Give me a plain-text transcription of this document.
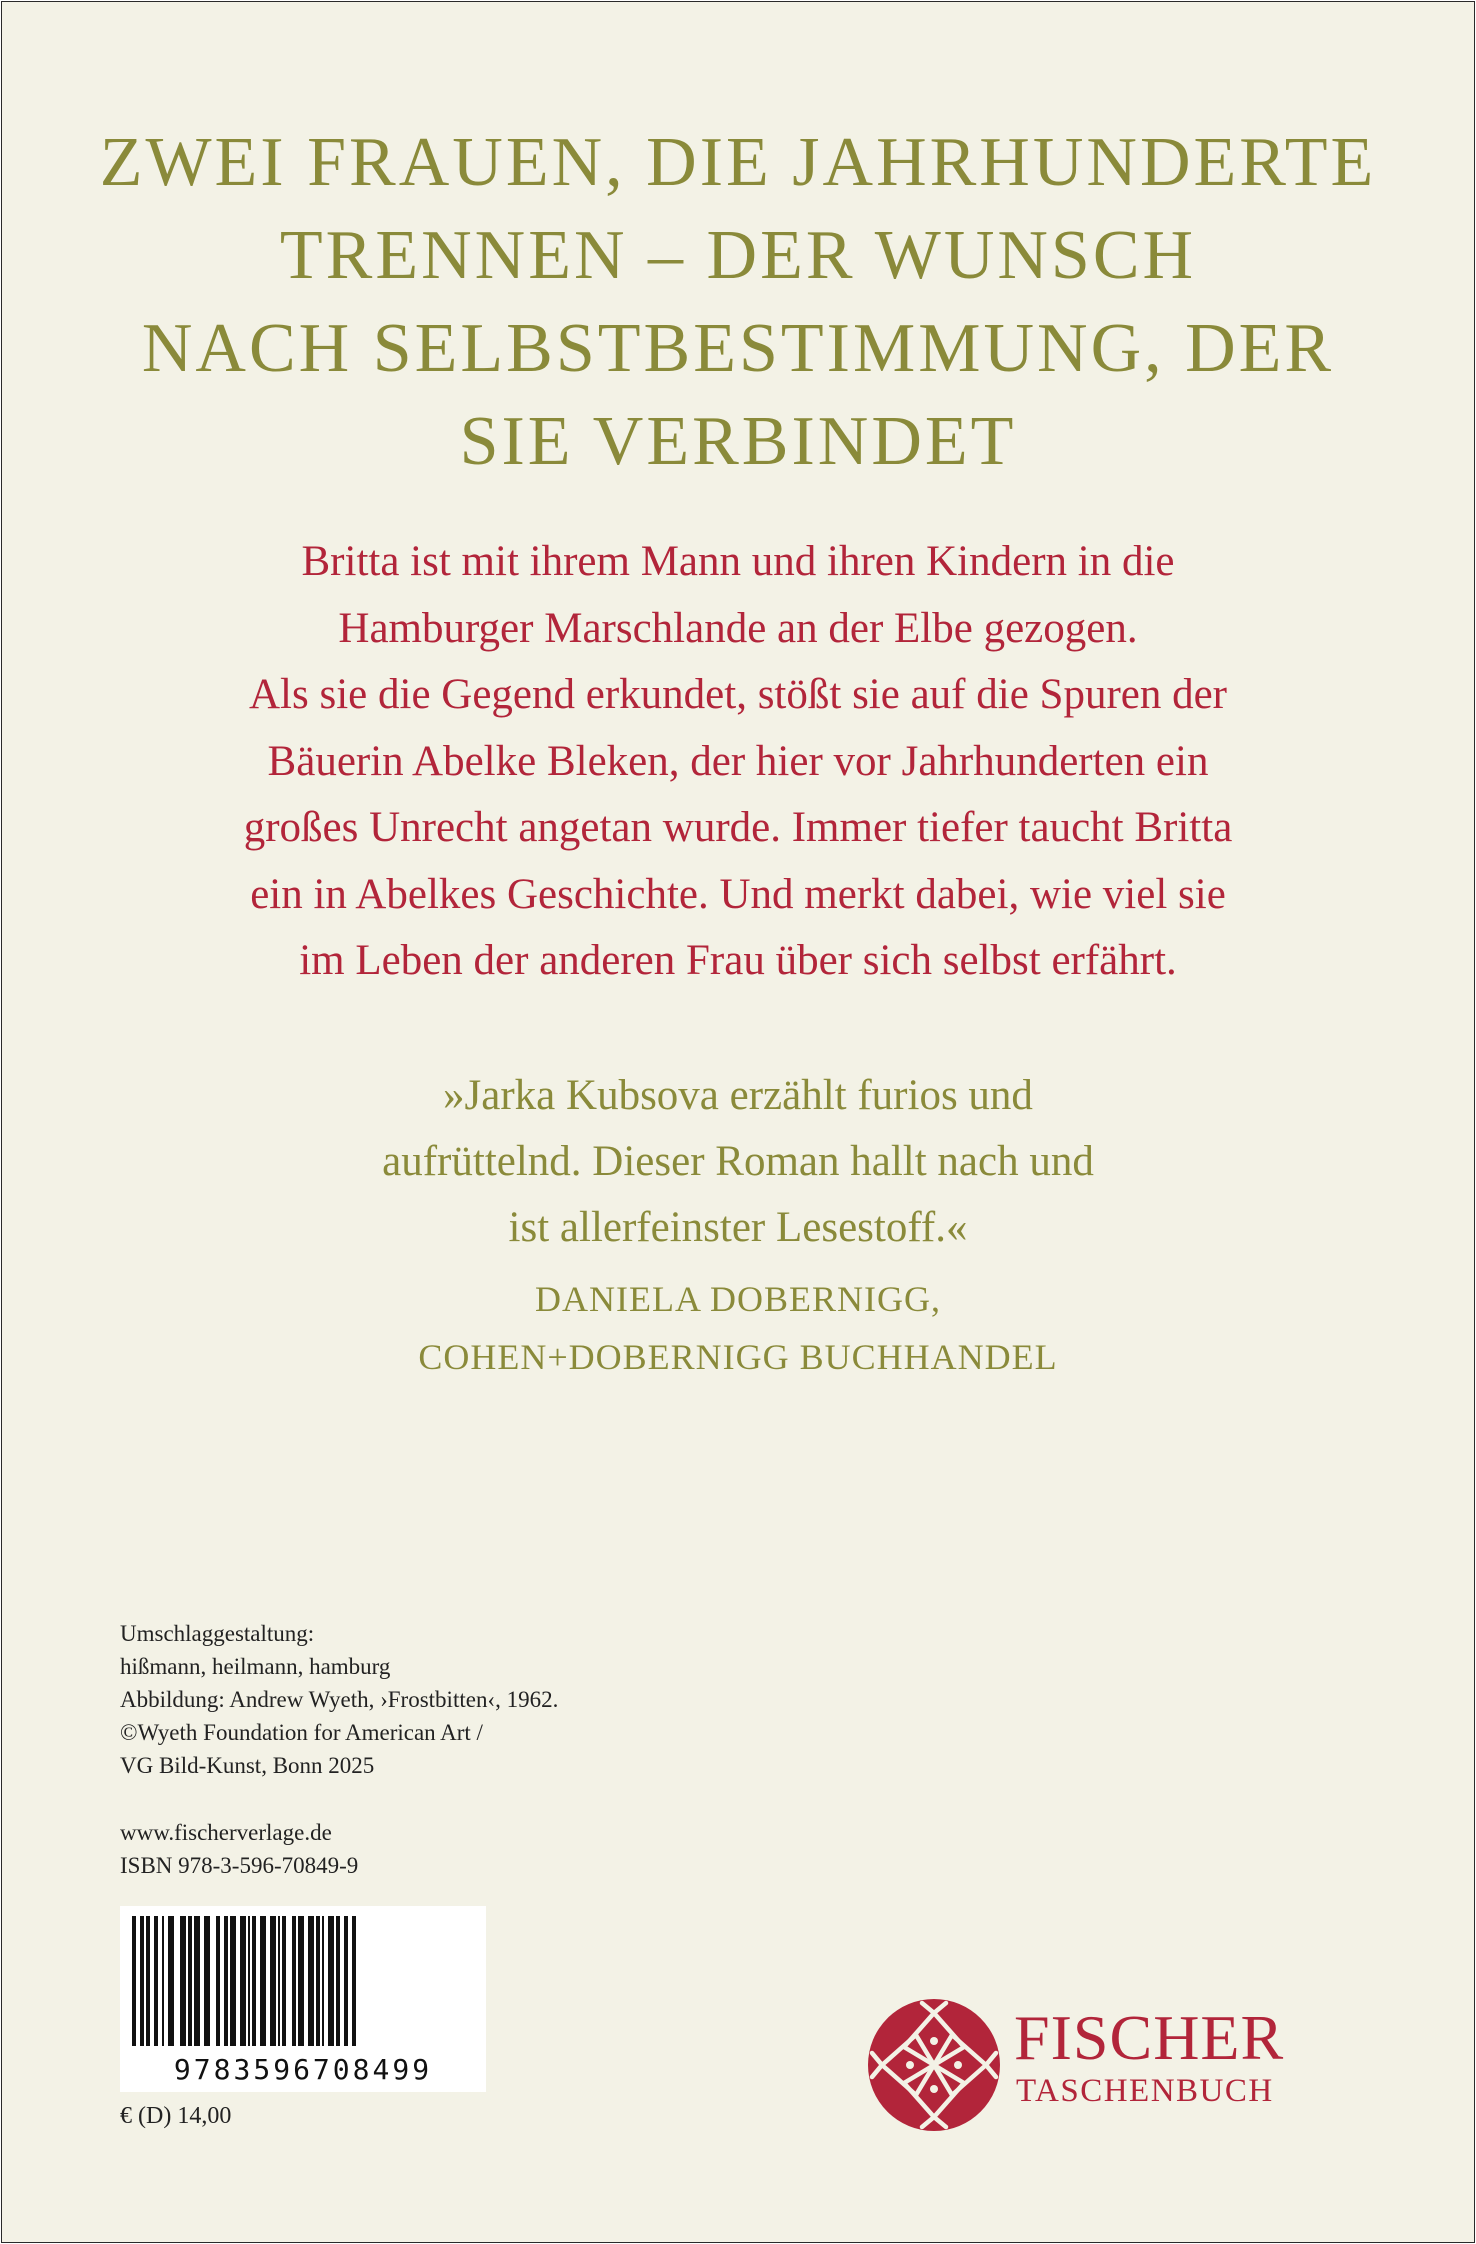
ZWEI FRAUEN, DIE JAHRHUNDERTE
TRENNEN – DER WUNSCH
NACH SELBSTBESTIMMUNG, DER
SIE VERBINDET
Britta ist mit ihrem Mann und ihren Kindern in die
Hamburger Marschlande an der Elbe gezogen.
Als sie die Gegend erkundet, stößt sie auf die Spuren der
Bäuerin Abelke Bleken, der hier vor Jahrhunderten ein
großes Unrecht angetan wurde. Immer tiefer taucht Britta
ein in Abelkes Geschichte. Und merkt dabei, wie viel sie
im Leben der anderen Frau über sich selbst erfährt.
»Jarka Kubsova erzählt furios und
aufrüttelnd. Dieser Roman hallt nach und
ist allerfeinster Lesestoff.«
DANIELA DOBERNIGG,
COHEN+DOBERNIGG BUCHHANDEL
Umschlaggestaltung:
hißmann, heilmann, hamburg
Abbildung: Andrew Wyeth, ›Frostbitten‹, 1962.
©Wyeth Foundation for American Art /
VG Bild-Kunst, Bonn 2025
www.fischerverlage.de
ISBN 978-3-596-70849-9
9783596708499
€ (D) 14,00
FISCHER
TASCHENBUCH
